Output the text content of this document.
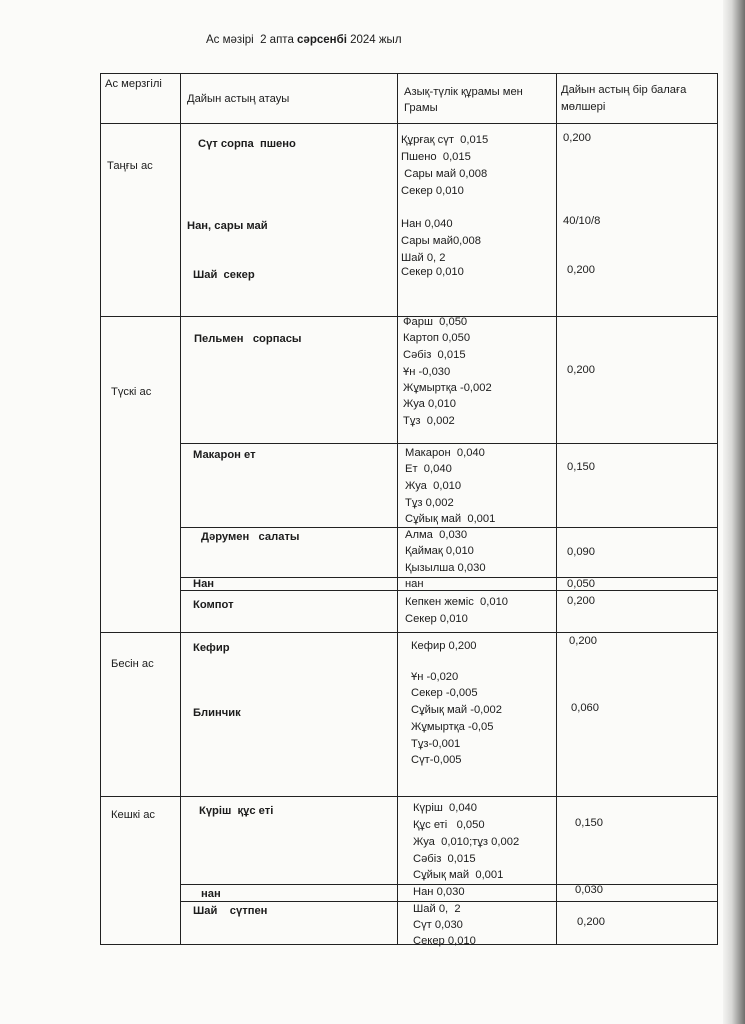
Ас мәзірі  2 апта сәрсенбі 2024 жыл
Ас мерзгілі
Дайын астың атауы
Азық-түлік құрамы мен
Грамы
Дайын астың бір балаға
мөлшері
Таңғы ас
Түскі ас
Бесін ас
Кешкі ас
Сүт сорпа  пшено
Нан, сары май
Шай  секер
Пельмен   сорпасы
Макарон ет
Дәрумен   салаты
Нан
Компот
Кефир
Блинчик
Күріш  құс еті
нан
Шай    сүтпен
Құрғақ сүт  0,015
Пшено  0,015
Сары май 0,008
Секер 0,010
Нан 0,040
Сары май0,008
Шай 0, 2
Секер 0,010
Фарш  0,050
Картоп 0,050
Сәбіз  0,015
Ұн -0,030
Жұмыртқа -0,002
Жуа 0,010
Тұз  0,002
Макарон  0,040
Ет  0,040
Жуа  0,010
Тұз 0,002
Сұйық май  0,001
Алма  0,030
Қаймақ 0,010
Қызылша 0,030
нан
Кепкен жеміс  0,010
Секер 0,010
Кефир 0,200
Ұн -0,020
Секер -0,005
Сұйық май -0,002
Жұмыртқа -0,05
Тұз-0,001
Сүт-0,005
Күріш  0,040
Құс еті   0,050
Жуа  0,010;тұз 0,002
Сәбіз  0,015
Сұйық май  0,001
Нан 0,030
Шай 0,  2
Сүт 0,030
Секер 0,010
0,200
40/10/8
0,200
0,200
0,150
0,090
0,050
0,200
0,200
0,060
0,150
0,030
0,200
